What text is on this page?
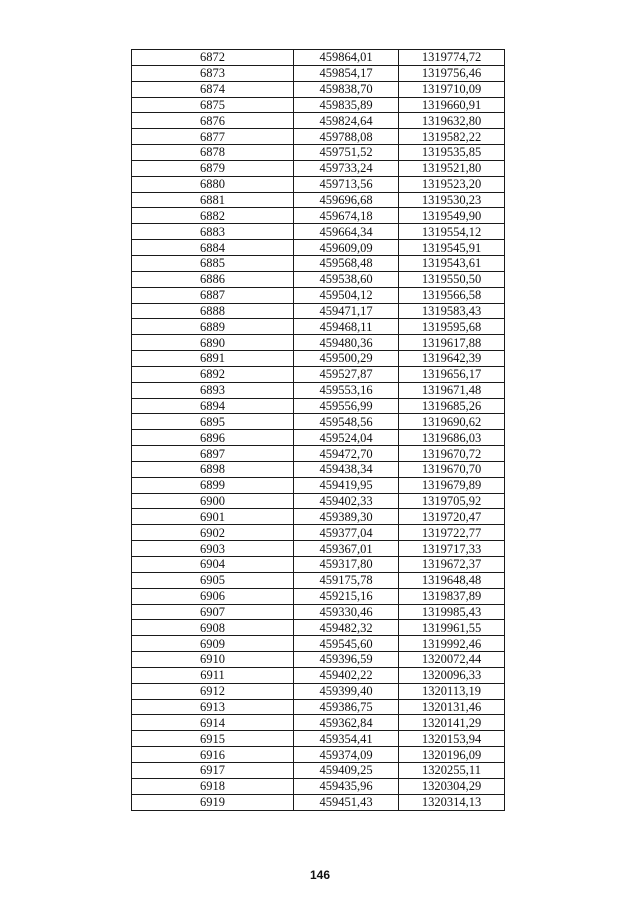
6872	459864,01	1319774,72
6873	459854,17	1319756,46
6874	459838,70	1319710,09
6875	459835,89	1319660,91
6876	459824,64	1319632,80
6877	459788,08	1319582,22
6878	459751,52	1319535,85
6879	459733,24	1319521,80
6880	459713,56	1319523,20
6881	459696,68	1319530,23
6882	459674,18	1319549,90
6883	459664,34	1319554,12
6884	459609,09	1319545,91
6885	459568,48	1319543,61
6886	459538,60	1319550,50
6887	459504,12	1319566,58
6888	459471,17	1319583,43
6889	459468,11	1319595,68
6890	459480,36	1319617,88
6891	459500,29	1319642,39
6892	459527,87	1319656,17
6893	459553,16	1319671,48
6894	459556,99	1319685,26
6895	459548,56	1319690,62
6896	459524,04	1319686,03
6897	459472,70	1319670,72
6898	459438,34	1319670,70
6899	459419,95	1319679,89
6900	459402,33	1319705,92
6901	459389,30	1319720,47
6902	459377,04	1319722,77
6903	459367,01	1319717,33
6904	459317,80	1319672,37
6905	459175,78	1319648,48
6906	459215,16	1319837,89
6907	459330,46	1319985,43
6908	459482,32	1319961,55
6909	459545,60	1319992,46
6910	459396,59	1320072,44
6911	459402,22	1320096,33
6912	459399,40	1320113,19
6913	459386,75	1320131,46
6914	459362,84	1320141,29
6915	459354,41	1320153,94
6916	459374,09	1320196,09
6917	459409,25	1320255,11
6918	459435,96	1320304,29
6919	459451,43	1320314,13
146
